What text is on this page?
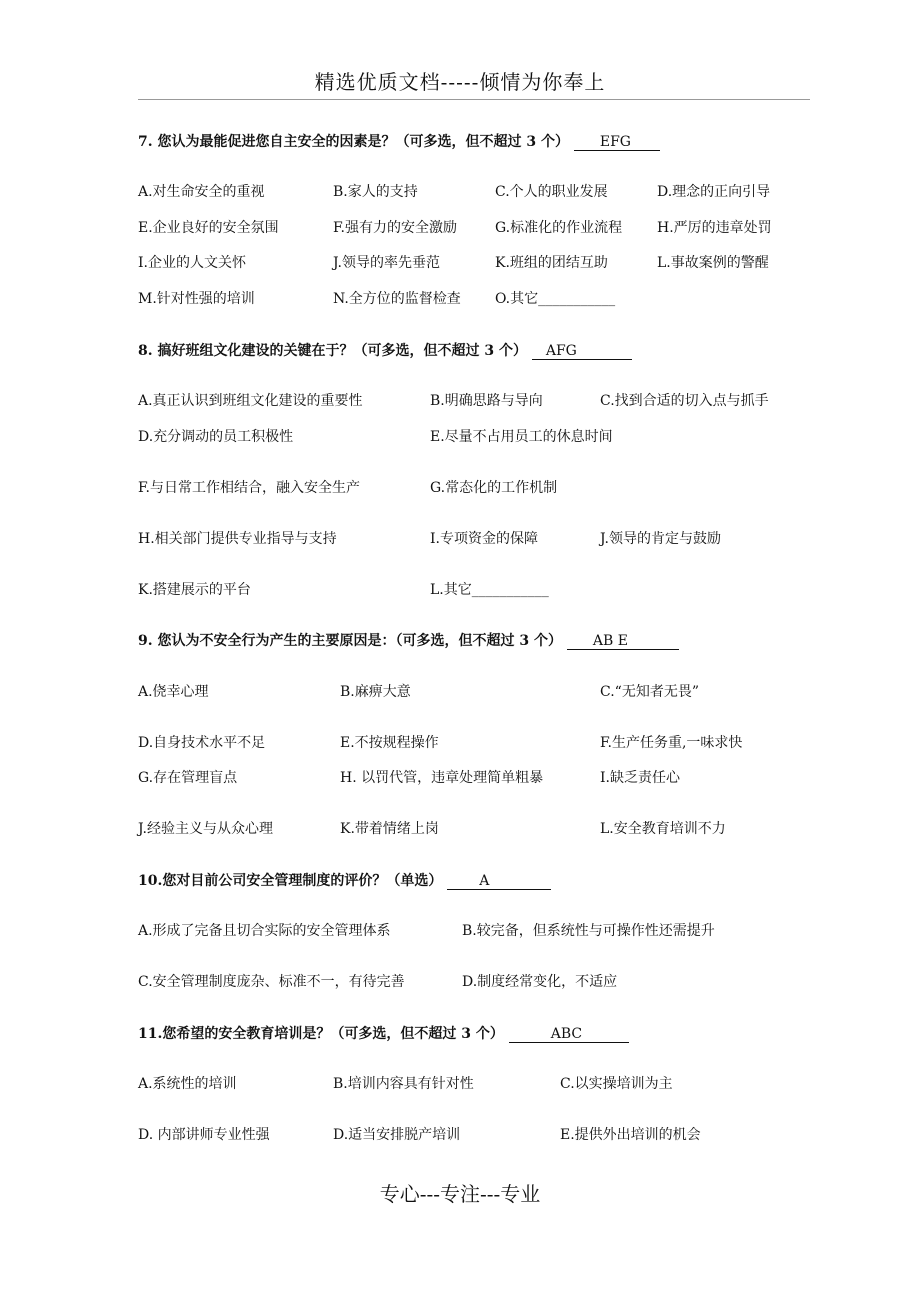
精选优质文档-----倾情为你奉上
7. 您认为最能促进您自主安全的因素是？（可多选，但不超过 3 个） EFG
A.对生命安全的重视	B.家人的支持	C.个人的职业发展	D.理念的正向引导
E.企业良好的安全氛围	F.强有力的安全激励	G.标准化的作业流程 H.严厉的违章处罚
I.企业的人文关怀	J.领导的率先垂范	K.班组的团结互助	L.事故案例的警醒
M.针对性强的培训	N.全方位的监督检查 O.其它___________
8. 搞好班组文化建设的关键在于？（可多选，但不超过 3 个） AFG
A.真正认识到班组文化建设的重要性	B.明确思路与导向	C.找到合适的切入点与抓手
D.充分调动的员工积极性	E.尽量不占用员工的休息时间
F.与日常工作相结合，融入安全生产	G.常态化的工作机制
H.相关部门提供专业指导与支持	I.专项资金的保障	J.领导的肯定与鼓励
K.搭建展示的平台	L.其它___________
9. 您认为不安全行为产生的主要原因是：（可多选，但不超过 3 个） AB E
A.侥幸心理	B.麻痹大意	C.“无知者无畏”
D.自身技术水平不足	E.不按规程操作	F.生产任务重,一味求快
G.存在管理盲点	H. 以罚代管，违章处理简单粗暴	I.缺乏责任心
J.经验主义与从众心理	K.带着情绪上岗	L.安全教育培训不力
10.您对目前公司安全管理制度的评价？（单选）	A
A.形成了完备且切合实际的安全管理体系	B.较完备，但系统性与可操作性还需提升
C.安全管理制度庞杂、标准不一，有待完善	D.制度经常变化，不适应
11.您希望的安全教育培训是？（可多选，但不超过 3 个）	ABC
A.系统性的培训	B.培训内容具有针对性	C.以实操培训为主
D. 内部讲师专业性强	D.适当安排脱产培训	E.提供外出培训的机会
专心---专注---专业
